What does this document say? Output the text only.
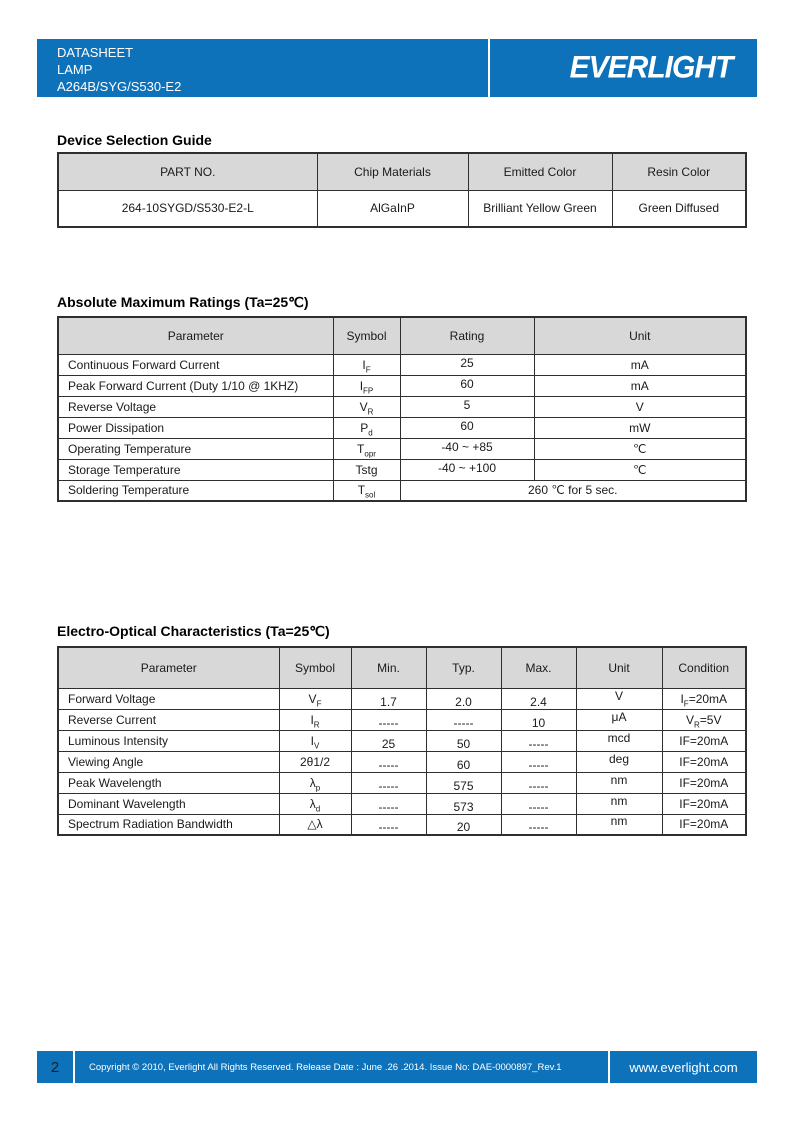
DATASHEET
LAMP
A264B/SYG/S530-E2
EVERLIGHT
Device Selection Guide
PART NO.	Chip Materials	Emitted Color	Resin Color
264-10SYGD/S530-E2-L	AlGaInP	Brilliant Yellow Green	Green Diffused
Absolute Maximum Ratings (Ta=25℃)
Parameter	Symbol	Rating	Unit
Continuous Forward Current	$I_F$	25	mA
Peak Forward Current (Duty 1/10 @ 1KHZ)	$I_{FP}$	60	mA
Reverse Voltage	$V_R$	5	V
Power Dissipation	$P_d$	60	mW
Operating Temperature	$T_{opr}$	-40 ~ +85	℃
Storage Temperature	Tstg	-40 ~ +100	℃
Soldering Temperature	$T_{sol}$	260 ℃ for 5 sec.	
Electro-Optical Characteristics (Ta=25℃)
Parameter	Symbol	Min.	Typ.	Max.	Unit	Condition
Forward Voltage	$V_F$	1.7	2.0	2.4	V	$I_F=20mA$
Reverse Current	$I_R$	-----	-----	10	μA	$V_R=5V$
Luminous Intensity	$I_V$	25	50	-----	mcd	IF=20mA
Viewing Angle	2θ1/2	-----	60	-----	deg	IF=20mA
Peak Wavelength	$\lambda_p$	-----	575	-----	nm	IF=20mA
Dominant Wavelength	$\lambda_d$	-----	573	-----	nm	IF=20mA
Spectrum Radiation Bandwidth	△λ	-----	20	-----	nm	IF=20mA
2	Copyright © 2010, Everlight All Rights Reserved. Release Date : June .26 .2014. Issue No: DAE-0000897_Rev.1	www.everlight.com
